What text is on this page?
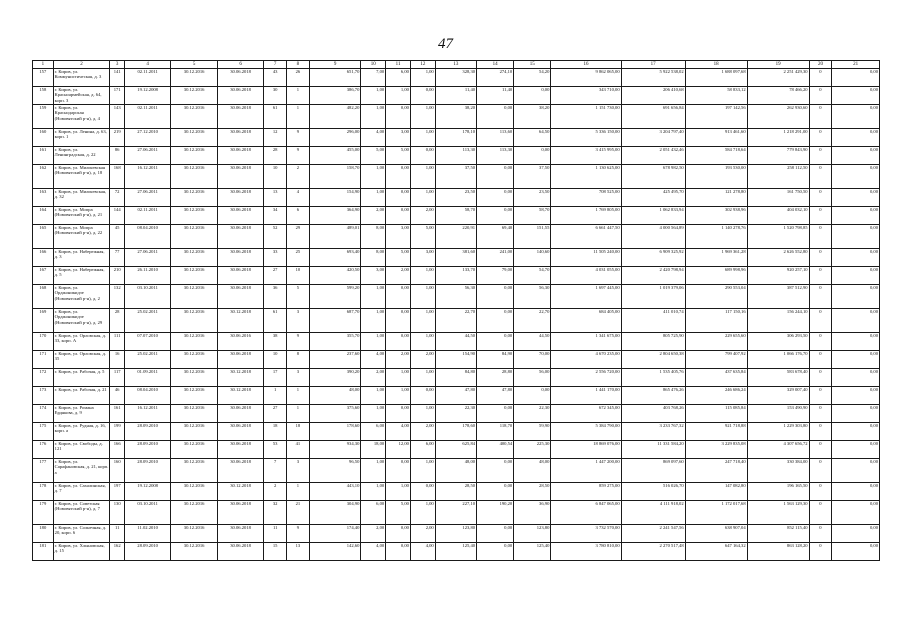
47
1	2	3	4	5	6	7	8	9	10	11	12	13	14	15	16	17	18	19	20	21
157	г. Киров, ул. Коммунистическая, д. 3	141	02.11.2011	30.12.2016	30.06.2018	43	26	651,70	7,00	6,00	1,00	328,30	274,10	54,20	9 862 065,00	5 922 538,02	1 688 097,68	2 251 429,30	0	0,00
158	г. Киров, ул. Красноармейская, д. 64, корп. 3	171	19.12.2008	30.12.2016	30.06.2018	30	1	386,70	1,00	1,00	0,00	11,40	11,40	0,00	343 710,00	206 410,68	58 833,12	78 466,20	0	0,00
159	г. Киров, ул. Краснодарская (Нововятский р-н), д. 4	143	02.11.2011	30.12.2016	30.06.2018	61	1	482,20	1,00	0,00	1,00	38,20	0,00	38,20	1 151 730,00	691 656,84	197 142,56	262 930,60	0	0,00
160	г. Киров, ул. Ленина, д. 63, корп. 1	219	27.12.2010	30.12.2016	30.06.2018	12	9	296,00	4,00	3,00	1,00	178,10	113,60	64,50	5 336 150,00	3 204 797,40	913 461,60	1 218 291,00	0	0,00
161	г. Киров, ул. Ленинградская, д. 22	86	27.06.2011	30.12.2016	30.06.2018	28	9	455,00	5,00	5,00	0,00	113,30	113,30	0,00	3 415 995,00	2 051 432,46	584 718,64	779 843,90	0	0,00
162	г. Киров, ул. Мильчевская (Нововятский р-н), д. 18	168	16.12.2011	30.12.2016	30.06.2018	10	2	158,70	1,00	0,00	1,00	37,50	0,00	37,50	1 130 625,00	678 982,50	193 530,00	258 112,50	0	0,00
163	г. Киров, ул. Мильчевская, д. 32	72	27.06.2011	30.12.2016	30.06.2018	13	4	154,90	1,00	0,00	1,00	23,50	0,00	23,50	708 525,00	425 495,70	121 278,80	161 750,50	0	0,00
164	г. Киров, ул. Мопра (Нововятский р-н), д. 21	144	02.11.2011	30.12.2016	30.06.2018	34	6	364,90	2,00	0,00	2,00	58,70	0,00	58,70	1 769 805,00	1 062 833,94	302 938,96	404 032,10	0	0,00
165	г. Киров, ул. Мопра (Нововятский р-н), д. 22	45	08.04.2010	30.12.2016	30.06.2018	52	29	489,01	8,00	3,00	5,00	220,91	69,40	151,55	6 661 447,50	4 000 564,89	1 140 278,76	1 520 798,85	0	0,00
166	г. Киров, ул. Набережная, д. 3	77	27.06.2011	30.12.2016	30.06.2018	33	25	693,40	8,00	5,00	3,00	381,60	241,00	140,60	11 505 240,00	6 909 325,92	1 969 361,28	2 626 552,80	0	0,00
167	г. Киров, ул. Набережная, д. 5	210	26.11.2010	30.12.2016	30.06.2018	27	10	420,50	3,00	2,00	1,00	133,70	79,00	54,70	4 031 055,00	2 420 798,94	689 998,96	920 257,10	0	0,00
168	г. Киров, ул. Орджоникидзе (Нововятский р-н), д. 2	132	03.10.2011	30.12.2016	30.06.2018	36	5	599,20	1,00	0,00	1,00	56,30	0,00	56,30	1 697 445,00	1 019 379,06	290 553,04	387 512,90	0	0,00
169	г. Киров, ул. Орджоникидзе (Нововятский р-н), д. 29	28	25.02.2011	30.12.2016	30.12.2018	61	3	687,70	1,00	0,00	1,00	22,70	0,00	22,70	684 405,00	411 010,74	117 150,16	156 244,10	0	0,00
170	г. Киров, ул. Орловская, д. 33, корп. А	111	07.07.2010	30.12.2016	30.06.2016	38	9	355,70	1,00	0,00	1,00	44,50	0,00	44,50	1 341 675,00	805 725,90	229 655,60	306 293,50	0	0,00
171	г. Киров, ул. Орловская, д. 35	16	25.02.2011	30.12.2016	30.06.2018	10	8	237,60	4,00	2,00	2,00	154,90	84,90	70,00	4 670 235,00	2 804 650,38	799 407,92	1 066 176,70	0	0,00
172	г. Киров, ул. Рабочая, д. 5	117	01.09.2011	30.12.2016	30.12.2018	17	3	390,20	2,00	1,00	1,00	84,80	28,80	56,00	2 556 720,00	1 535 405,76	437 635,84	583 678,40	0	0,00
173	г. Киров, ул. Рабочая, д. 21	46	08.04.2010	30.12.2016	30.12.2018	1	1	48,00	1,00	1,00	0,00	47,80	47,80	0,00	1 441 170,00	865 476,26	246 686,24	329 007,40	0	0,00
174	г. Киров, ул. Романа Ердякова, д. 9	161	16.12.2011	30.12.2016	30.06.2018	27	1	375,60	1,00	0,00	1,00	22,30	0,00	22,30	672 345,00	403 768,26	115 085,84	153 490,90	0	0,00
175	г. Киров, ул. Рудная, д. 16, корп. а	199	28.09.2010	30.12.2016	30.06.2018	18	18	178,60	6,00	4,00	2,00	178,60	118,70	59,90	5 384 790,00	3 233 767,32	921 718,88	1 229 303,80	0	0,00
176	г. Киров, ул. Свободы, д. 121	166	28.09.2010	30.12.2016	30.06.2018	53	41	934,30	18,00	12,00	6,00	625,84	400,54	225,30	18 869 076,00	11 331 584,20	3 229 835,08	4 307 656,72	0	0,00
177	г. Киров, ул. Сарафановская, д. 21, корп. а	160	28.09.2010	30.12.2016	30.06.2018	7	3	96,50	1,00	0,00	1,00	48,00	0,00	48,00	1 447 200,00	869 097,60	247 718,40	330 384,00	0	0,00
178	г. Киров, ул. Сахалинская, д. 7	197	19.12.2008	30.12.2016	30.12.2018	2	1	443,10	1,00	1,00	0,00	28,50	0,00	28,50	859 275,00	516 026,70	147 082,80	196 165,50	0	0,00
179	г. Киров, ул. Советская (Нововятский р-н), д. 7	130	03.10.2011	30.12.2016	30.06.2018	32	21	304,90	6,00	5,00	1,00	227,10	190,20	36,90	6 847 065,00	4 111 918,02	1 172 017,68	1 563 129,30	0	0,00
180	г. Киров, ул. Солнечная, д. 20, корп. 6	11	11.02.2010	30.12.2016	30.06.2018	11	9	174,40	2,00	0,00	2,00	123,80	0,00	123,80	3 732 570,00	2 241 547,56	638 907,04	852 115,40	0	0,00
181	г. Киров, ул. Хлыновская, д. 15	162	28.09.2010	30.12.2016	30.06.2018	15	13	142,60	4,00	0,00	4,00	125,40	0,00	125,40	3 780 810,00	2 270 517,48	647 164,32	863 128,20	0	0,00
